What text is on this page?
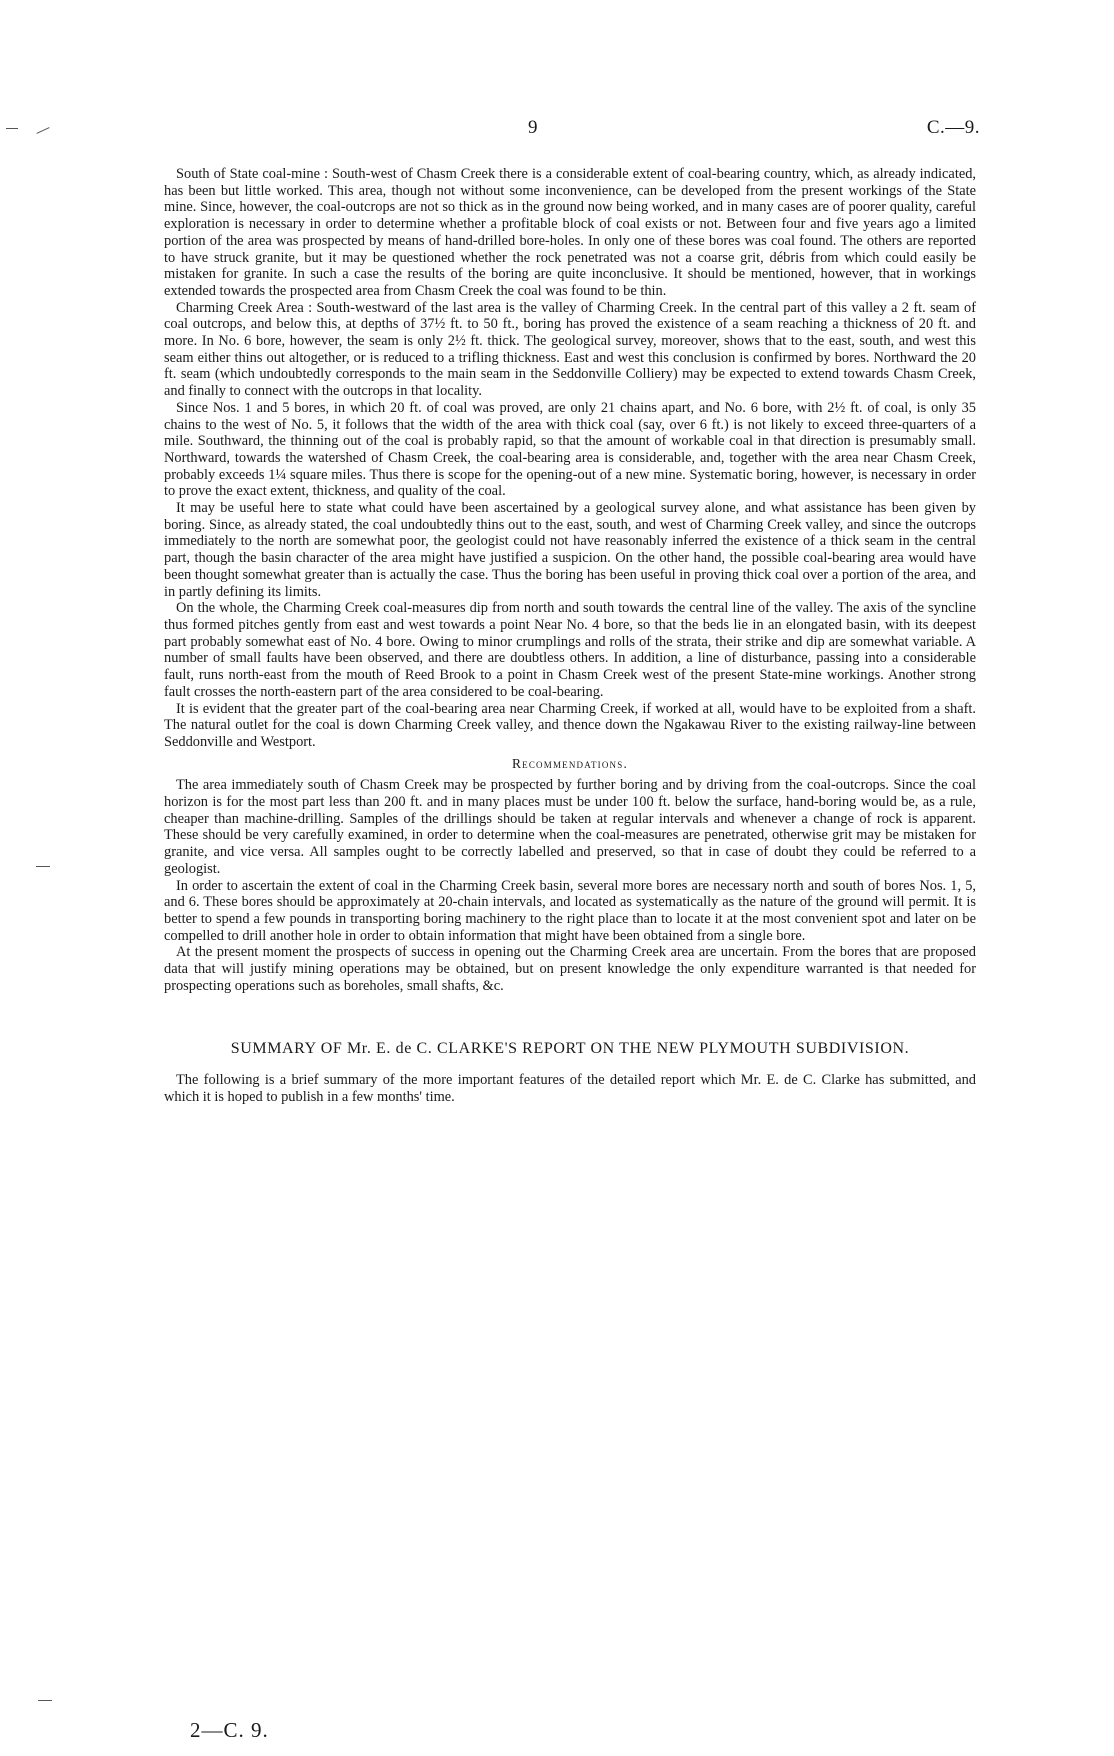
9	C.—9.

South of State coal-mine : South-west of Chasm Creek there is a considerable extent of coal-bearing country, which, as already indicated, has been but little worked. This area, though not without some inconvenience, can be developed from the present workings of the State mine. Since, however, the coal-outcrops are not so thick as in the ground now being worked, and in many cases are of poorer quality, careful exploration is necessary in order to determine whether a profitable block of coal exists or not. Between four and five years ago a limited portion of the area was prospected by means of hand-drilled bore-holes. In only one of these bores was coal found. The others are reported to have struck granite, but it may be questioned whether the rock penetrated was not a coarse grit, débris from which could easily be mistaken for granite. In such a case the results of the boring are quite inconclusive. It should be mentioned, however, that in workings extended towards the prospected area from Chasm Creek the coal was found to be thin.

Charming Creek Area : South-westward of the last area is the valley of Charming Creek. In the central part of this valley a 2 ft. seam of coal outcrops, and below this, at depths of 37½ ft. to 50 ft., boring has proved the existence of a seam reaching a thickness of 20 ft. and more. In No. 6 bore, however, the seam is only 2½ ft. thick. The geological survey, moreover, shows that to the east, south, and west this seam either thins out altogether, or is reduced to a trifling thickness. East and west this conclusion is confirmed by bores. Northward the 20 ft. seam (which undoubtedly corresponds to the main seam in the Seddonville Colliery) may be expected to extend towards Chasm Creek, and finally to connect with the outcrops in that locality.

Since Nos. 1 and 5 bores, in which 20 ft. of coal was proved, are only 21 chains apart, and No. 6 bore, with 2½ ft. of coal, is only 35 chains to the west of No. 5, it follows that the width of the area with thick coal (say, over 6 ft.) is not likely to exceed three-quarters of a mile. Southward, the thinning out of the coal is probably rapid, so that the amount of workable coal in that direction is presumably small. Northward, towards the watershed of Chasm Creek, the coal-bearing area is considerable, and, together with the area near Chasm Creek, probably exceeds 1¼ square miles. Thus there is scope for the opening-out of a new mine. Systematic boring, however, is necessary in order to prove the exact extent, thickness, and quality of the coal.

It may be useful here to state what could have been ascertained by a geological survey alone, and what assistance has been given by boring. Since, as already stated, the coal undoubtedly thins out to the east, south, and west of Charming Creek valley, and since the outcrops immediately to the north are somewhat poor, the geologist could not have reasonably inferred the existence of a thick seam in the central part, though the basin character of the area might have justified a suspicion. On the other hand, the possible coal-bearing area would have been thought somewhat greater than is actually the case. Thus the boring has been useful in proving thick coal over a portion of the area, and in partly defining its limits.

On the whole, the Charming Creek coal-measures dip from north and south towards the central line of the valley. The axis of the syncline thus formed pitches gently from east and west towards a point Near No. 4 bore, so that the beds lie in an elongated basin, with its deepest part probably somewhat east of No. 4 bore. Owing to minor crumplings and rolls of the strata, their strike and dip are somewhat variable. A number of small faults have been observed, and there are doubtless others. In addition, a line of disturbance, passing into a considerable fault, runs north-east from the mouth of Reed Brook to a point in Chasm Creek west of the present State-mine workings. Another strong fault crosses the north-eastern part of the area considered to be coal-bearing.

It is evident that the greater part of the coal-bearing area near Charming Creek, if worked at all, would have to be exploited from a shaft. The natural outlet for the coal is down Charming Creek valley, and thence down the Ngakawau River to the existing railway-line between Seddonville and Westport.

Recommendations.

The area immediately south of Chasm Creek may be prospected by further boring and by driving from the coal-outcrops. Since the coal horizon is for the most part less than 200 ft. and in many places must be under 100 ft. below the surface, hand-boring would be, as a rule, cheaper than machine-drilling. Samples of the drillings should be taken at regular intervals and whenever a change of rock is apparent. These should be very carefully examined, in order to determine when the coal-measures are penetrated, otherwise grit may be mistaken for granite, and vice versa. All samples ought to be correctly labelled and preserved, so that in case of doubt they could be referred to a geologist.

In order to ascertain the extent of coal in the Charming Creek basin, several more bores are necessary north and south of bores Nos. 1, 5, and 6. These bores should be approximately at 20-chain intervals, and located as systematically as the nature of the ground will permit. It is better to spend a few pounds in transporting boring machinery to the right place than to locate it at the most convenient spot and later on be compelled to drill another hole in order to obtain information that might have been obtained from a single bore.

At the present moment the prospects of success in opening out the Charming Creek area are uncertain. From the bores that are proposed data that will justify mining operations may be obtained, but on present knowledge the only expenditure warranted is that needed for prospecting operations such as boreholes, small shafts, &c.

SUMMARY OF Mr. E. de C. CLARKE'S REPORT ON THE NEW PLYMOUTH SUBDIVISION.

The following is a brief summary of the more important features of the detailed report which Mr. E. de C. Clarke has submitted, and which it is hoped to publish in a few months' time.

2—C. 9.
